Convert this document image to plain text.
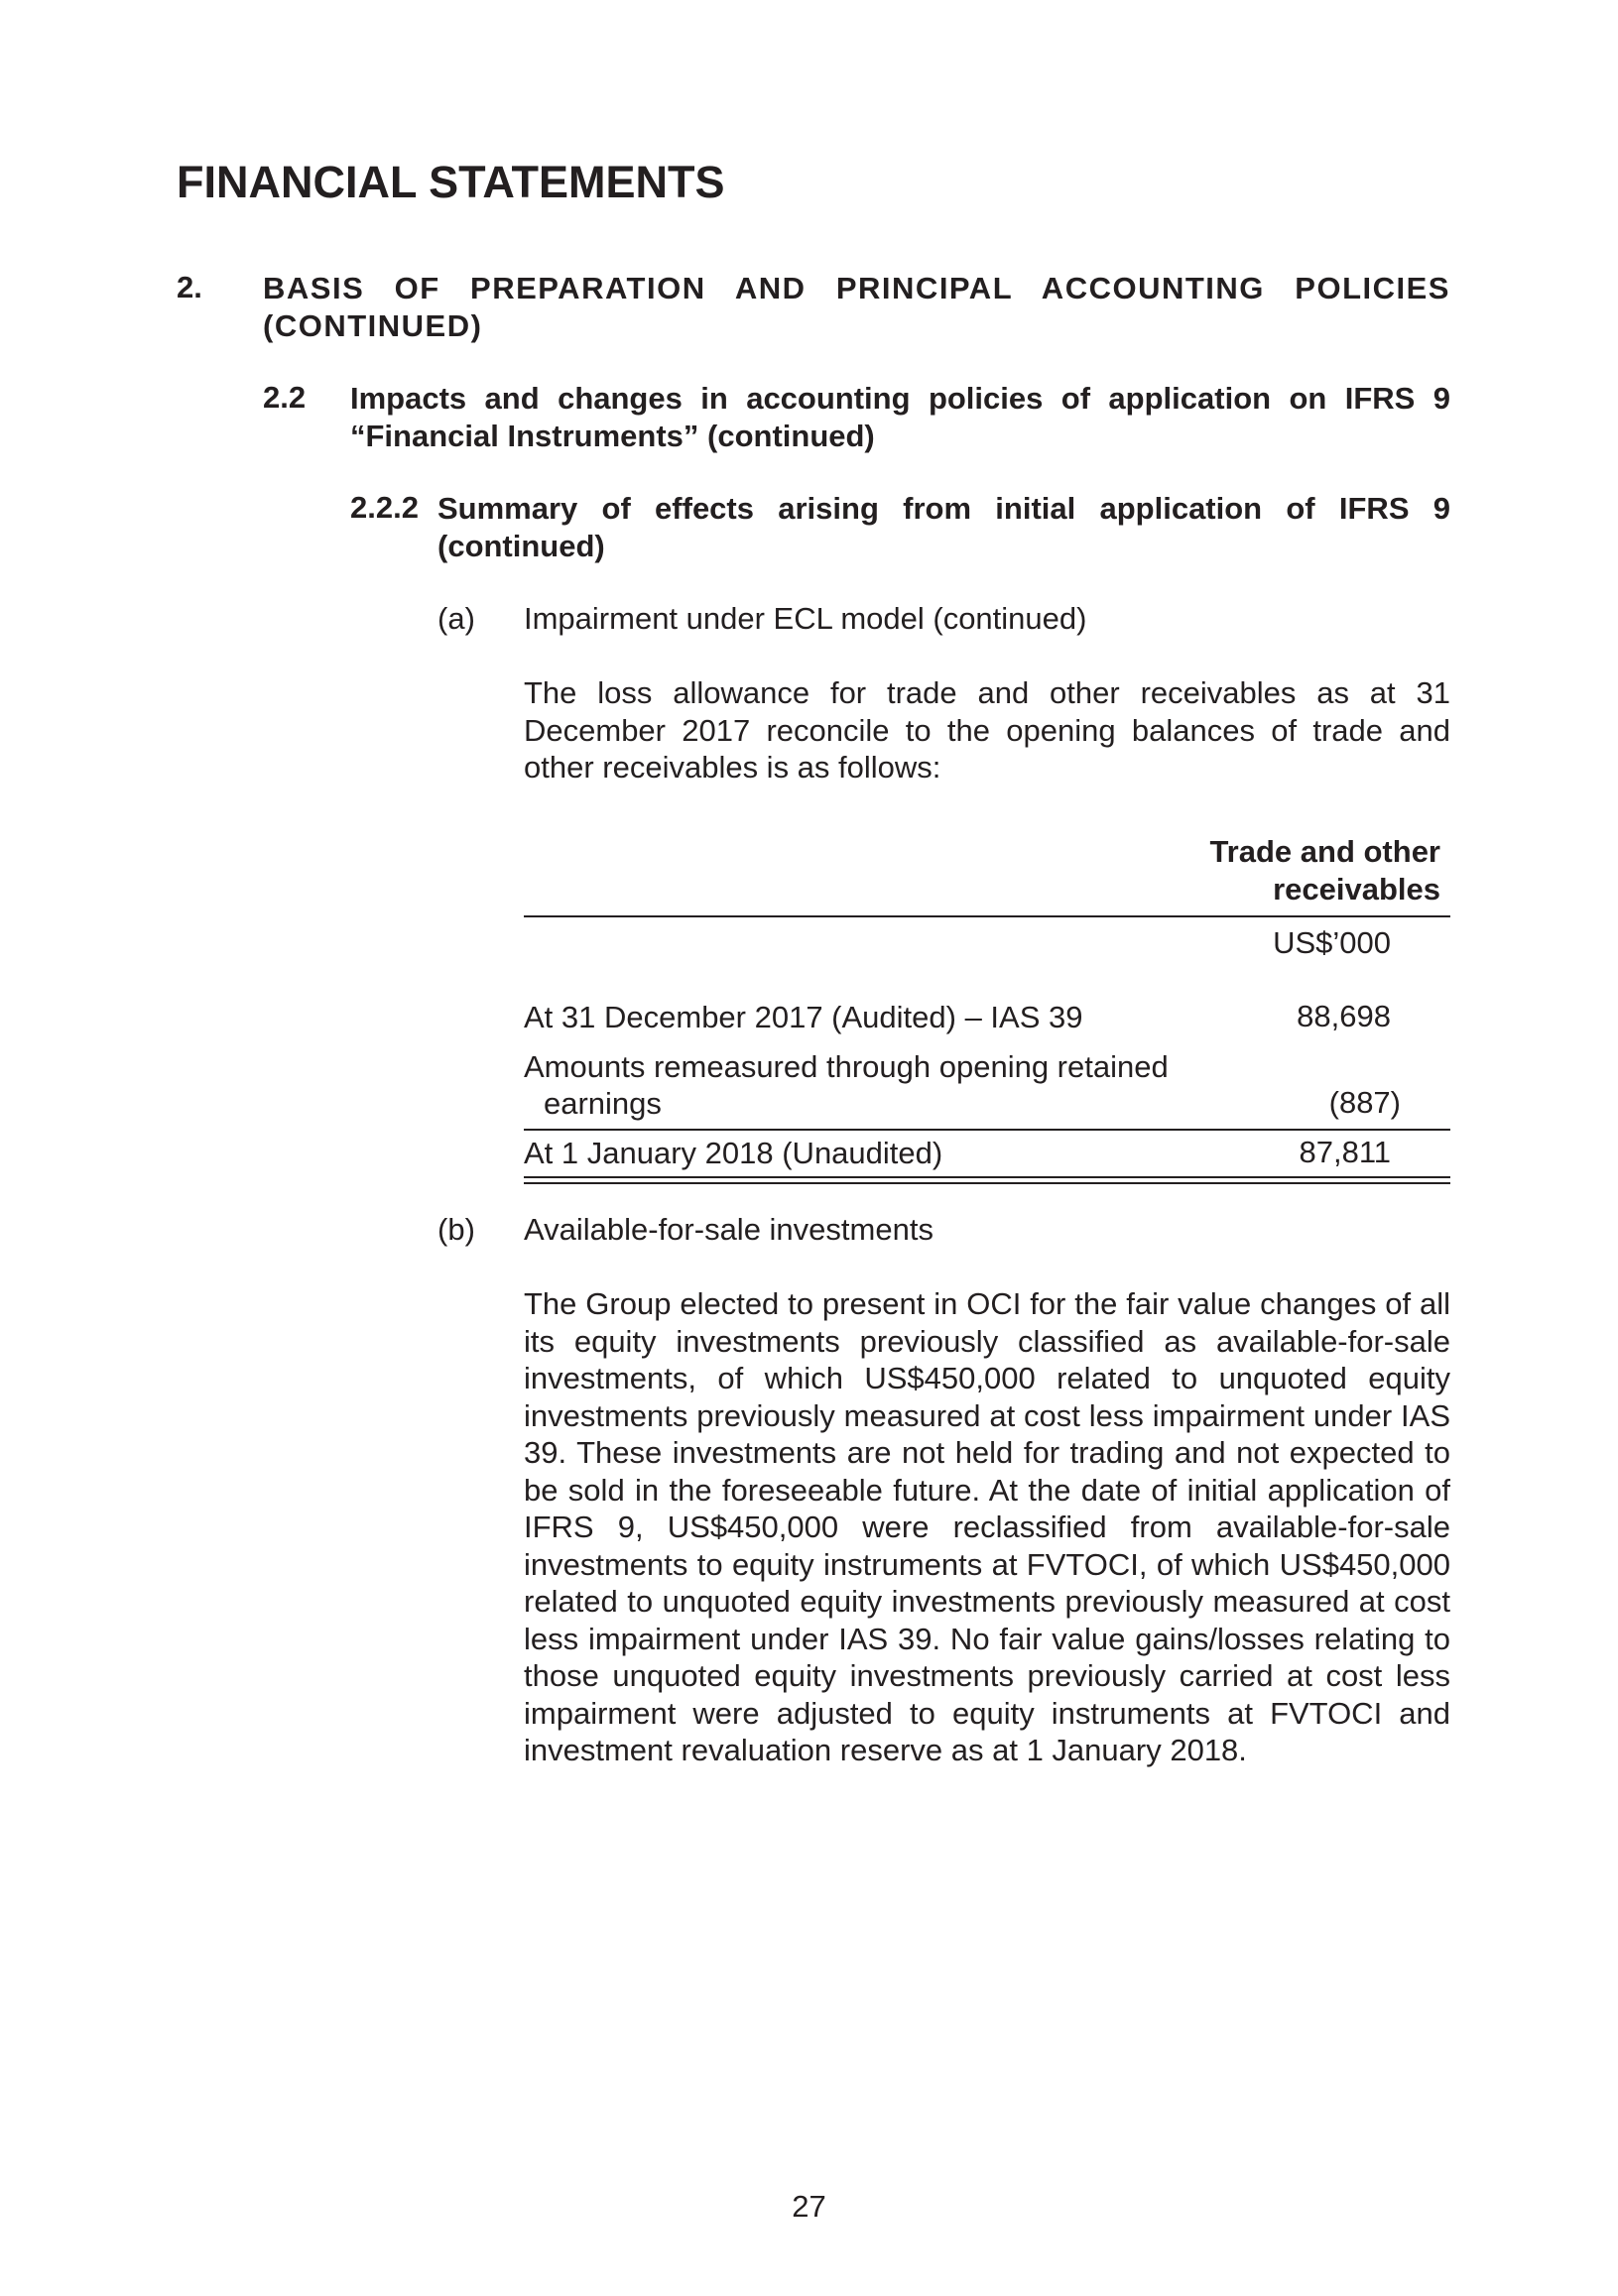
FINANCIAL STATEMENTS
2. BASIS OF PREPARATION AND PRINCIPAL ACCOUNTING POLICIES
(CONTINUED)
2.2 Impacts and changes in accounting policies of application on IFRS 9
“Financial Instruments” (continued)
2.2.2 Summary of effects arising from initial application of IFRS 9
(continued)
(a) Impairment under ECL model (continued)
The loss allowance for trade and other receivables as at 31 December 2017 reconcile to the opening balances of trade and other receivables is as follows:
Trade and other
receivables
US$’000
At 31 December 2017 (Audited) – IAS 39	88,698
Amounts remeasured through opening retained
earnings	(887)
At 1 January 2018 (Unaudited)	87,811
(b) Available-for-sale investments
The Group elected to present in OCI for the fair value changes of all its equity investments previously classified as available-for-sale investments, of which US$450,000 related to unquoted equity investments previously measured at cost less impairment under IAS 39. These investments are not held for trading and not expected to be sold in the foreseeable future. At the date of initial application of IFRS 9, US$450,000 were reclassified from available-for-sale investments to equity instruments at FVTOCI, of which US$450,000 related to unquoted equity investments previously measured at cost less impairment under IAS 39. No fair value gains/losses relating to those unquoted equity investments previously carried at cost less impairment were adjusted to equity instruments at FVTOCI and investment revaluation reserve as at 1 January 2018.
27
